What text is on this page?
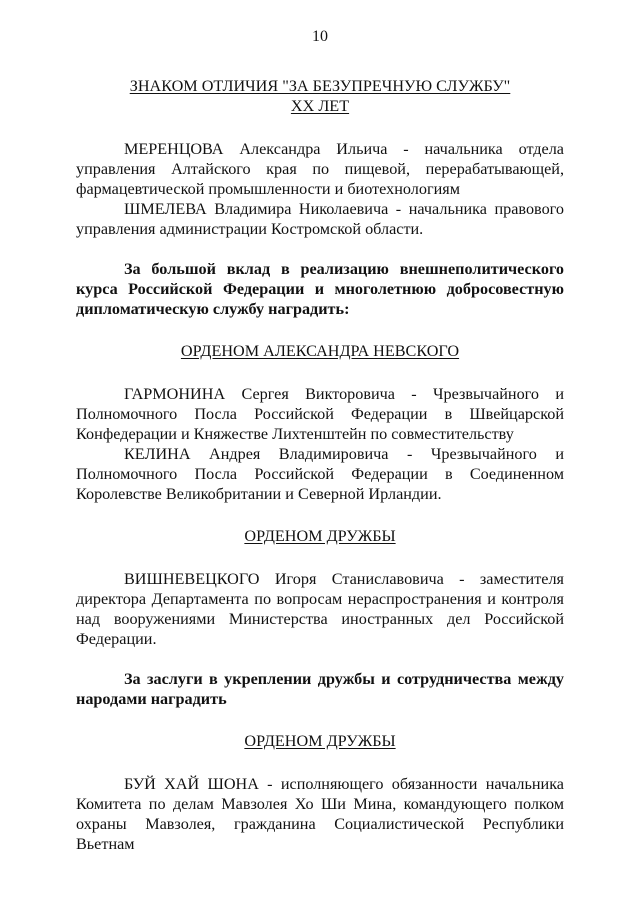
10
ЗНАКОМ ОТЛИЧИЯ "ЗА БЕЗУПРЕЧНУЮ СЛУЖБУ"
XX ЛЕТ

МЕРЕНЦОВА Александра Ильича - начальника отдела управления Алтайского края по пищевой, перерабатывающей, фармацевтической промышленности и биотехнологиям

ШМЕЛЕВА Владимира Николаевича - начальника правового управления администрации Костромской области.

За большой вклад в реализацию внешнеполитического курса Российской Федерации и многолетнюю добросовестную дипломатическую службу наградить:

ОРДЕНОМ АЛЕКСАНДРА НЕВСКОГО

ГАРМОНИНА Сергея Викторовича - Чрезвычайного и Полномочного Посла Российской Федерации в Швейцарской Конфедерации и Княжестве Лихтенштейн по совместительству

КЕЛИНА Андрея Владимировича - Чрезвычайного и Полномочного Посла Российской Федерации в Соединенном Королевстве Великобритании и Северной Ирландии.

ОРДЕНОМ ДРУЖБЫ

ВИШНЕВЕЦКОГО Игоря Станиславовича - заместителя директора Департамента по вопросам нераспространения и контроля над вооружениями Министерства иностранных дел Российской Федерации.

За заслуги в укреплении дружбы и сотрудничества между народами наградить

ОРДЕНОМ ДРУЖБЫ

БУЙ ХАЙ ШОНА - исполняющего обязанности начальника Комитета по делам Мавзолея Хо Ши Мина, командующего полком охраны Мавзолея, гражданина Социалистической Республики Вьетнам
